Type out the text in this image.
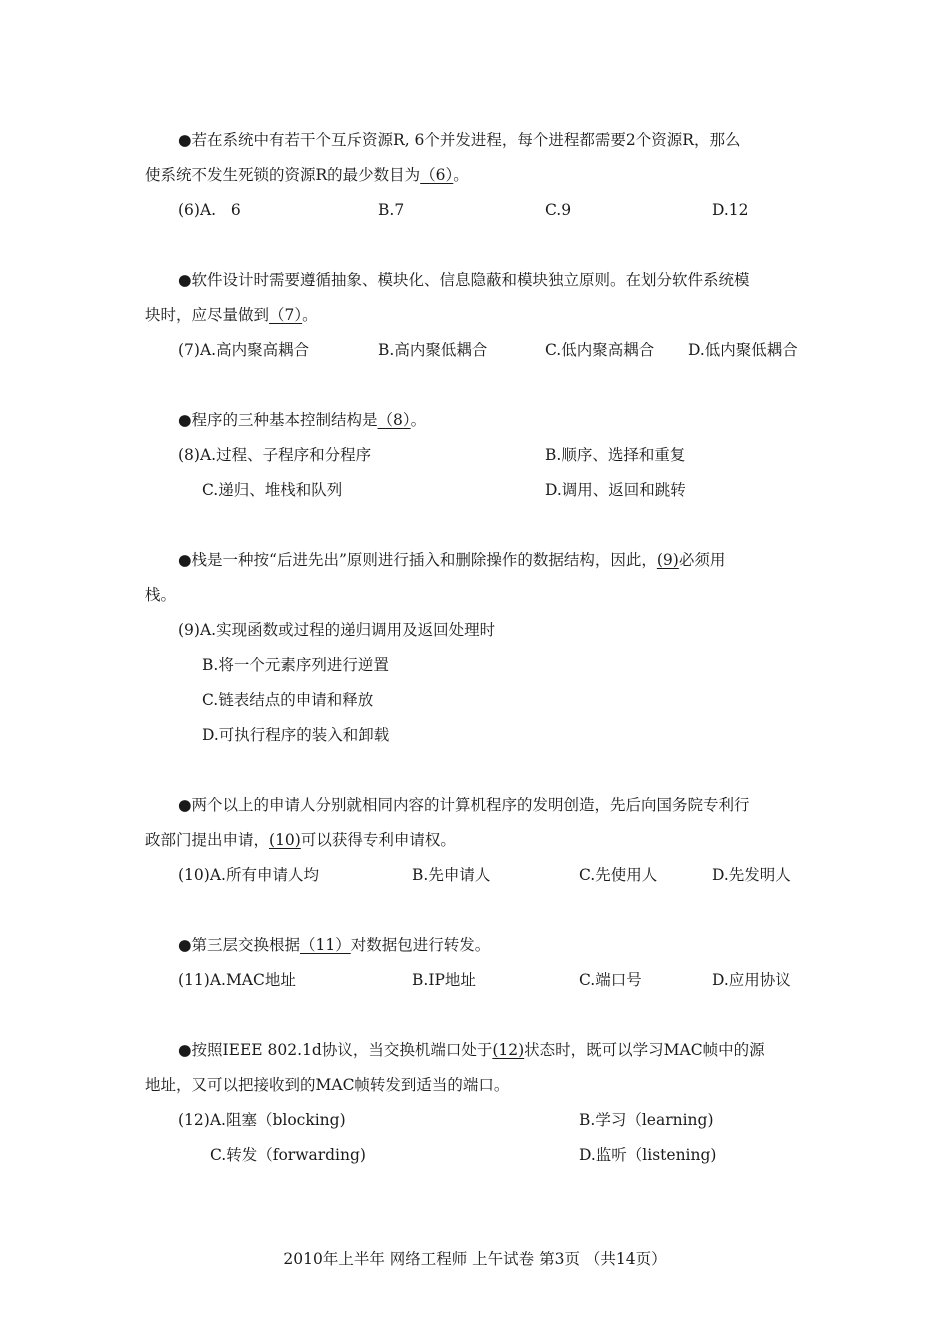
●若在系统中有若干个互斥资源R, 6个并发进程，每个进程都需要2个资源R，那么
使系统不发生死锁的资源R的最少数目为（6）。
(6)A.   6	B.7	C.9	D.12
●软件设计时需要遵循抽象、模块化、信息隐蔽和模块独立原则。在划分软件系统模
块时，应尽量做到（7）。
(7)A.高内聚高耦合	B.高内聚低耦合	C.低内聚高耦合 D.低内聚低耦合
●程序的三种基本控制结构是（8）。
(8)A.过程、子程序和分程序	B.顺序、选择和重复
C.递归、堆栈和队列	D.调用、返回和跳转
●栈是一种按“后进先出”原则进行插入和删除操作的数据结构，因此，(9)必须用
栈。
(9)A.实现函数或过程的递归调用及返回处理时
B.将一个元素序列进行逆置
C.链表结点的申请和释放
D.可执行程序的装入和卸载
●两个以上的申请人分别就相同内容的计算机程序的发明创造，先后向国务院专利行
政部门提出申请，(10)可以获得专利申请权。
(10)A.所有申请人均	B.先申请人	C.先使用人	D.先发明人
●第三层交换根据（11）对数据包进行转发。
(11)A.MAC地址	B.IP地址	C.端口号	D.应用协议
●按照IEEE 802.1d协议，当交换机端口处于(12)状态时，既可以学习MAC帧中的源
地址，又可以把接收到的MAC帧转发到适当的端口。
(12)A.阻塞（blocking)	B.学习（learning)
C.转发（forwarding)	D.监听（listening)
2010年上半年 网络工程师 上午试卷 第3页 （共14页）
